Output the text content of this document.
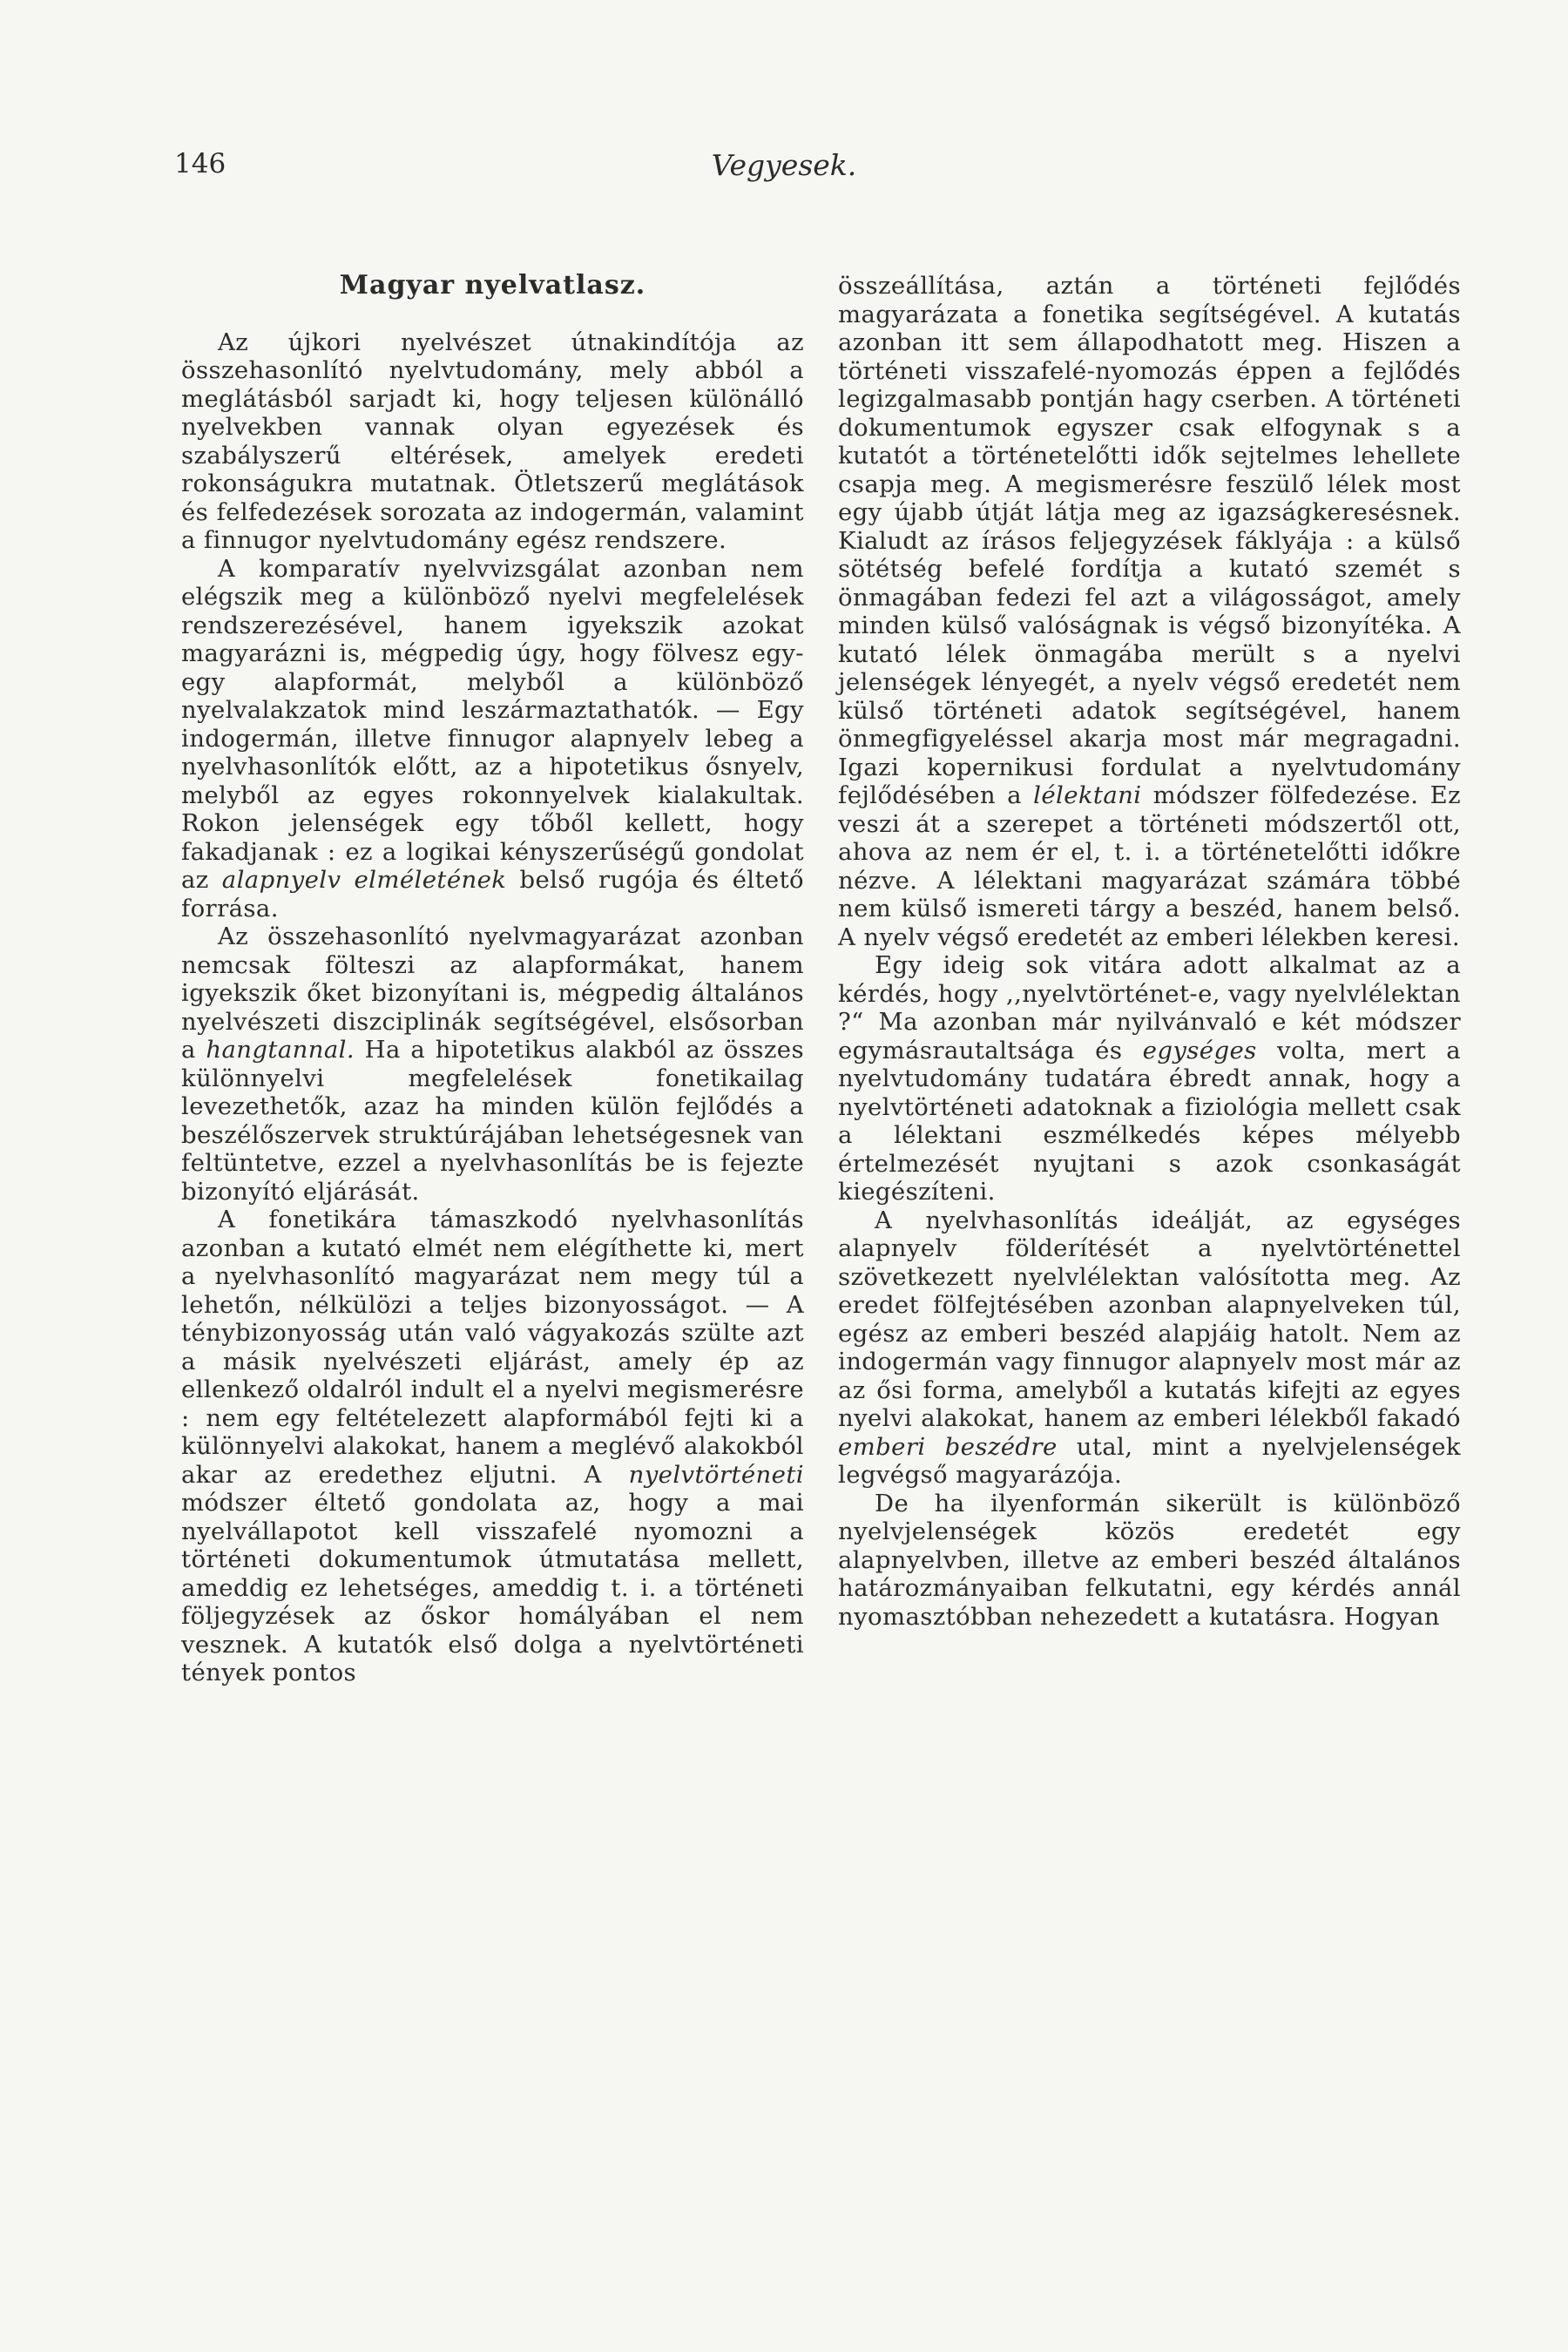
146	Vegyesek.
Magyar nyelvatlasz.

Az újkori nyelvészet útnakindítója az összehasonlító nyelvtudomány, mely abból a meglátásból sarjadt ki, hogy teljesen különálló nyelvekben vannak olyan egyezések és szabályszerű eltérések, amelyek eredeti rokonságukra mutatnak. Ötletszerű meglátások és felfedezések sorozata az indogermán, valamint a finnugor nyelvtudomány egész rendszere.

A komparatív nyelvvizsgálat azonban nem elégszik meg a különböző nyelvi megfelelések rendszerezésével, hanem igyekszik azokat magyarázni is, mégpedig úgy, hogy fölvesz egy-egy alapformát, melyből a különböző nyelvalakzatok mind leszármaztathatók. — Egy indogermán, illetve finnugor alapnyelv lebeg a nyelvhasonlítók előtt, az a hipotetikus ősnyelv, melyből az egyes rokonnyelvek kialakultak. Rokon jelenségek egy tőből kellett, hogy fakadjanak : ez a logikai kényszerűségű gondolat az alapnyelv elméletének belső rugója és éltető forrása.

Az összehasonlító nyelvmagyarázat azonban nemcsak fölteszi az alapformákat, hanem igyekszik őket bizonyítani is, mégpedig általános nyelvészeti diszciplinák segítségével, elsősorban a hangtannal. Ha a hipotetikus alakból az összes különnyelvi megfelelések fonetikailag levezethetők, azaz ha minden külön fejlődés a beszélőszervek struktúrájában lehetségesnek van feltüntetve, ezzel a nyelvhasonlítás be is fejezte bizonyító eljárását.

A fonetikára támaszkodó nyelvhasonlítás azonban a kutató elmét nem elégíthette ki, mert a nyelvhasonlító magyarázat nem megy túl a lehetőn, nélkülözi a teljes bizonyosságot. — A ténybizonyosság után való vágyakozás szülte azt a másik nyelvészeti eljárást, amely ép az ellenkező oldalról indult el a nyelvi megismerésre : nem egy feltételezett alapformából fejti ki a különnyelvi alakokat, hanem a meglévő alakokból akar az eredethez eljutni. A nyelvtörténeti módszer éltető gondolata az, hogy a mai nyelvállapotot kell visszafelé nyomozni a történeti dokumentumok útmutatása mellett, ameddig ez lehetséges, ameddig t. i. a történeti följegyzések az őskor homályában el nem vesznek. A kutatók első dolga a nyelvtörténeti tények pontos

összeállítása, aztán a történeti fejlődés magyarázata a fonetika segítségével. A kutatás azonban itt sem állapodhatott meg. Hiszen a történeti visszafelé-nyomozás éppen a fejlődés legizgalmasabb pontján hagy cserben. A történeti dokumentumok egyszer csak elfogynak s a kutatót a történetelőtti idők sejtelmes lehellete csapja meg. A megismerésre feszülő lélek most egy újabb útját látja meg az igazságkeresésnek. Kialudt az írásos feljegyzések fáklyája : a külső sötétség befelé fordítja a kutató szemét s önmagában fedezi fel azt a világosságot, amely minden külső valóságnak is végső bizonyítéka. A kutató lélek önmagába merült s a nyelvi jelenségek lényegét, a nyelv végső eredetét nem külső történeti adatok segítségével, hanem önmegfigyeléssel akarja most már megragadni. Igazi kopernikusi fordulat a nyelvtudomány fejlődésében a lélektani módszer fölfedezése. Ez veszi át a szerepet a történeti módszertől ott, ahova az nem ér el, t. i. a történetelőtti időkre nézve. A lélektani magyarázat számára többé nem külső ismereti tárgy a beszéd, hanem belső. A nyelv végső eredetét az emberi lélekben keresi.

Egy ideig sok vitára adott alkalmat az a kérdés, hogy ,,nyelvtörténet-e, vagy nyelvlélektan ?“ Ma azonban már nyilvánvaló e két módszer egymásrautaltsága és egységes volta, mert a nyelvtudomány tudatára ébredt annak, hogy a nyelvtörténeti adatoknak a fiziológia mellett csak a lélektani eszmélkedés képes mélyebb értelmezését nyujtani s azok csonkaságát kiegészíteni.

A nyelvhasonlítás ideálját, az egységes alapnyelv földerítését a nyelvtörténettel szövetkezett nyelvlélektan valósította meg. Az eredet fölfejtésében azonban alapnyelveken túl, egész az emberi beszéd alapjáig hatolt. Nem az indogermán vagy finnugor alapnyelv most már az az ősi forma, amelyből a kutatás kifejti az egyes nyelvi alakokat, hanem az emberi lélekből fakadó emberi beszédre utal, mint a nyelvjelenségek legvégső magyarázója.

De ha ilyenformán sikerült is különböző nyelvjelenségek közös eredetét egy alapnyelvben, illetve az emberi beszéd általános határozmányaiban felkutatni, egy kérdés annál nyomasztóbban nehezedett a kutatásra. Hogyan
